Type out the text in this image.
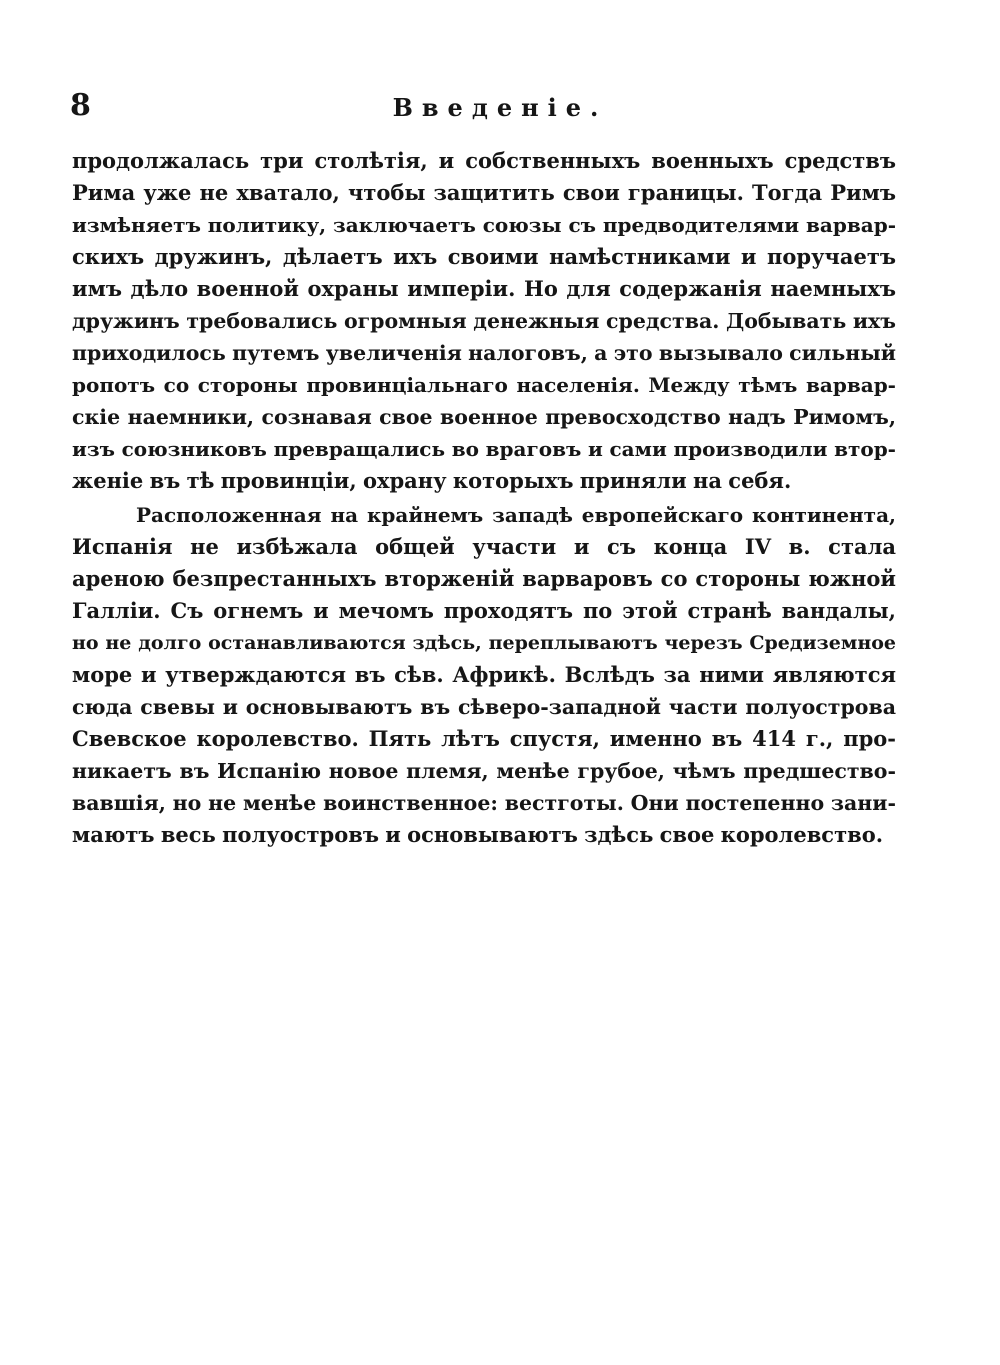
8	Введеніе.

продолжалась три столѣтія, и собственныхъ военныхъ средствъ

Рима уже не хватало, чтобы защитить свои границы. Тогда Римъ

измѣняетъ политику, заключаетъ союзы съ предводителями варвар-

скихъ дружинъ, дѣлаетъ ихъ своими намѣстниками и поручаетъ

имъ дѣло военной охраны имперіи. Но для содержанія наемныхъ

дружинъ требовались огромныя денежныя средства. Добывать ихъ

приходилось путемъ увеличенія налоговъ, а это вызывало сильный

ропотъ со стороны провинціальнаго населенія. Между тѣмъ варвар-

скіе наемники, сознавая свое военное превосходство надъ Римомъ,

изъ союзниковъ превращались во враговъ и сами производили втор-

женіе въ тѣ провинціи, охрану которыхъ приняли на себя.

Расположенная на крайнемъ западѣ европейскаго континента,

Испанія не избѣжала общей участи и съ конца IV в. стала

ареною безпрестанныхъ вторженій варваровъ со стороны южной

Галліи. Съ огнемъ и мечомъ проходятъ по этой странѣ вандалы,

но не долго останавливаются здѣсь, переплываютъ черезъ Средиземное

море и утверждаются въ сѣв. Африкѣ. Вслѣдъ за ними являются

сюда свевы и основываютъ въ сѣверо-западной части полуострова

Свевское королевство. Пять лѣтъ спустя, именно въ 414 г., про-

никаетъ въ Испанію новое племя, менѣе грубое, чѣмъ предшество-

вавшія, но не менѣе воинственное: вестготы. Они постепенно зани-

маютъ весь полуостровъ и основываютъ здѣсь свое королевство.
